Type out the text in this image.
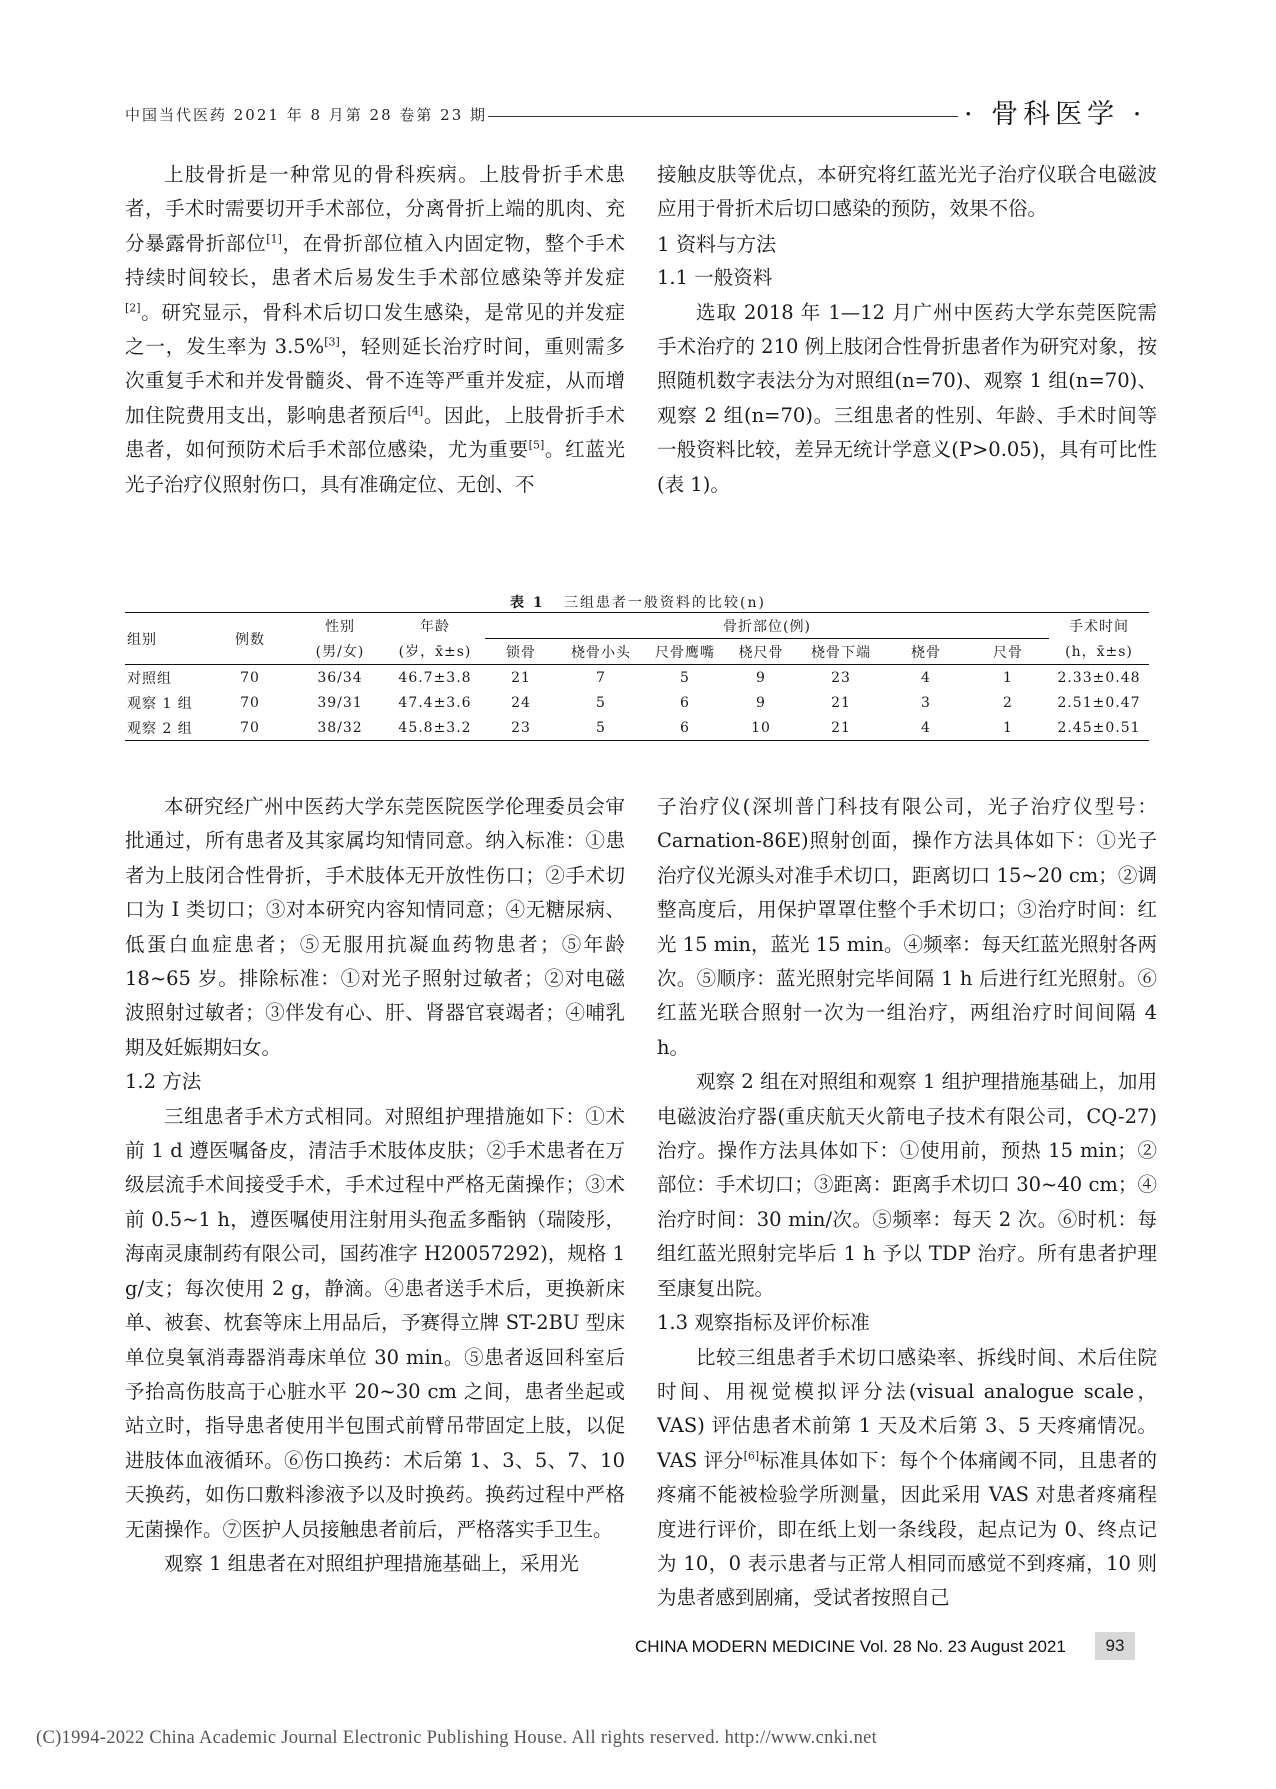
中国当代医药 2021 年 8 月第 28 卷第 23 期	· 骨科医学 ·

上肢骨折是一种常见的骨科疾病。上肢骨折手术患者，手术时需要切开手术部位，分离骨折上端的肌肉、充分暴露骨折部位[1]，在骨折部位植入内固定物，整个手术持续时间较长，患者术后易发生手术部位感染等并发症[2]。研究显示，骨科术后切口发生感染，是常见的并发症之一，发生率为 3.5%[3]，轻则延长治疗时间，重则需多次重复手术和并发骨髓炎、骨不连等严重并发症，从而增加住院费用支出，影响患者预后[4]。因此，上肢骨折手术患者，如何预防术后手术部位感染，尤为重要[5]。红蓝光光子治疗仪照射伤口，具有准确定位、无创、不

接触皮肤等优点，本研究将红蓝光光子治疗仪联合电磁波应用于骨折术后切口感染的预防，效果不俗。

1 资料与方法
1.1 一般资料

选取 2018 年 1—12 月广州中医药大学东莞医院需手术治疗的 210 例上肢闭合性骨折患者作为研究对象，按照随机数字表法分为对照组(n=70)、观察 1 组(n=70)、观察 2 组(n=70)。三组患者的性别、年龄、手术时间等一般资料比较，差异无统计学意义(P>0.05)，具有可比性(表 1)。

表 1 三组患者一般资料的比较(n)
组别	例数	性别	年龄	骨折部位(例)							手术时间
		(男/女)	(岁，x̄±s)	锁骨	桡骨小头	尺骨鹰嘴	桡尺骨	桡骨下端	桡骨	尺骨	(h，x̄±s)
对照组	70	36/34	46.7±3.8	21	7	5	9	23	4	1	2.33±0.48
观察 1 组	70	39/31	47.4±3.6	24	5	6	9	21	3	2	2.51±0.47
观察 2 组	70	38/32	45.8±3.2	23	5	6	10	21	4	1	2.45±0.51

本研究经广州中医药大学东莞医院医学伦理委员会审批通过，所有患者及其家属均知情同意。纳入标准：①患者为上肢闭合性骨折，手术肢体无开放性伤口；②手术切口为 I 类切口；③对本研究内容知情同意；④无糖尿病、低蛋白血症患者；⑤无服用抗凝血药物患者；⑤年龄 18~65 岁。排除标准：①对光子照射过敏者；②对电磁波照射过敏者；③伴发有心、肝、肾器官衰竭者；④哺乳期及妊娠期妇女。

1.2 方法

三组患者手术方式相同。对照组护理措施如下：①术前 1 d 遵医嘱备皮，清洁手术肢体皮肤；②手术患者在万级层流手术间接受手术，手术过程中严格无菌操作；③术前 0.5~1 h，遵医嘱使用注射用头孢孟多酯钠（瑞陵彤，海南灵康制药有限公司，国药准字 H20057292)，规格 1 g/支；每次使用 2 g，静滴。④患者送手术后，更换新床单、被套、枕套等床上用品后，予赛得立牌 ST-2BU 型床单位臭氧消毒器消毒床单位 30 min。⑤患者返回科室后予抬高伤肢高于心脏水平 20~30 cm 之间，患者坐起或站立时，指导患者使用半包围式前臂吊带固定上肢，以促进肢体血液循环。⑥伤口换药：术后第 1、3、5、7、10 天换药，如伤口敷料渗液予以及时换药。换药过程中严格无菌操作。⑦医护人员接触患者前后，严格落实手卫生。

观察 1 组患者在对照组护理措施基础上，采用光

子治疗仪(深圳普门科技有限公司，光子治疗仪型号：Carnation-86E)照射创面，操作方法具体如下：①光子治疗仪光源头对准手术切口，距离切口 15~20 cm；②调整高度后，用保护罩罩住整个手术切口；③治疗时间：红光 15 min，蓝光 15 min。④频率：每天红蓝光照射各两次。⑤顺序：蓝光照射完毕间隔 1 h 后进行红光照射。⑥红蓝光联合照射一次为一组治疗，两组治疗时间间隔 4 h。

观察 2 组在对照组和观察 1 组护理措施基础上，加用电磁波治疗器(重庆航天火箭电子技术有限公司，CQ-27)治疗。操作方法具体如下：①使用前，预热 15 min；②部位：手术切口；③距离：距离手术切口 30~40 cm；④治疗时间：30 min/次。⑤频率：每天 2 次。⑥时机：每组红蓝光照射完毕后 1 h 予以 TDP 治疗。所有患者护理至康复出院。

1.3 观察指标及评价标准

比较三组患者手术切口感染率、拆线时间、术后住院时间、用视觉模拟评分法(visual analogue scale，VAS) 评估患者术前第 1 天及术后第 3、5 天疼痛情况。VAS 评分[6]标准具体如下：每个个体痛阈不同，且患者的疼痛不能被检验学所测量，因此采用 VAS 对患者疼痛程度进行评价，即在纸上划一条线段，起点记为 0、终点记为 10，0 表示患者与正常人相同而感觉不到疼痛，10 则为患者感到剧痛，受试者按照自己

CHINA MODERN MEDICINE Vol. 28 No. 23 August 2021	93
(C)1994-2022 China Academic Journal Electronic Publishing House. All rights reserved. http://www.cnki.net
